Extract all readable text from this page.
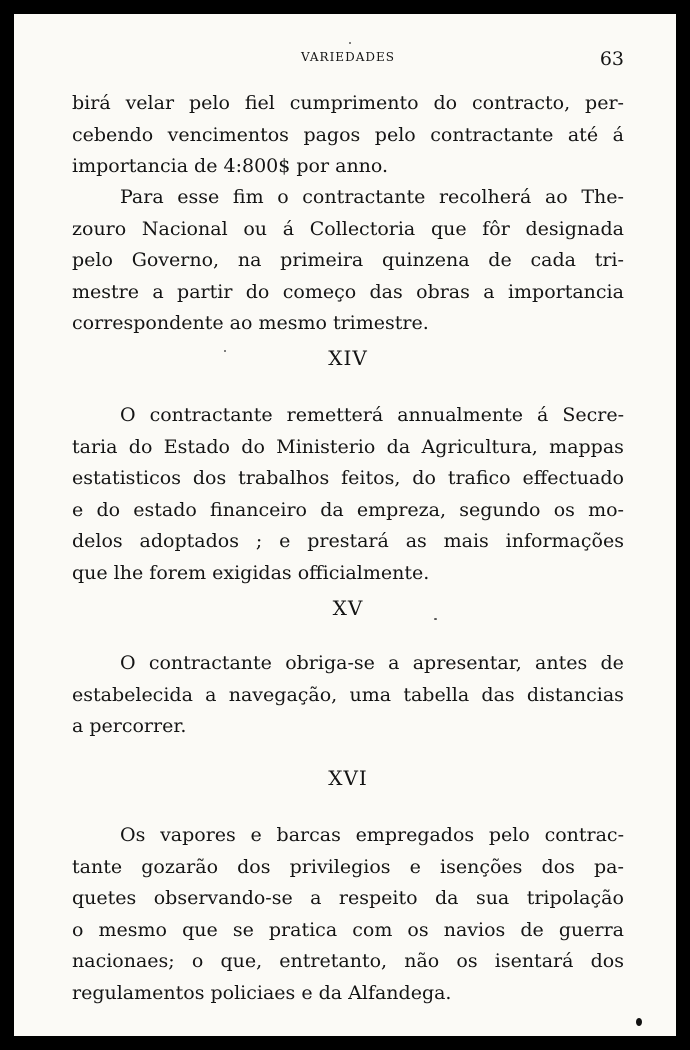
VARIEDADES	63
birá velar pelo fiel cumprimento do contracto, per-
cebendo vencimentos pagos pelo contractante até á
importancia de 4:800$ por anno.
Para esse fim o contractante recolherá ao The-
zouro Nacional ou á Collectoria que fôr designada
pelo Governo, na primeira quinzena de cada tri-
mestre a partir do começo das obras a importancia
correspondente ao mesmo trimestre.
XIV
O contractante remetterá annualmente á Secre-
taria do Estado do Ministerio da Agricultura, mappas
estatisticos dos trabalhos feitos, do trafico effectuado
e do estado financeiro da empreza, segundo os mo-
delos adoptados ; e prestará as mais informações
que lhe forem exigidas officialmente.
XV
O contractante obriga-se a apresentar, antes de
estabelecida a navegação, uma tabella das distancias
a percorrer.
XVI
Os vapores e barcas empregados pelo contrac-
tante gozarão dos privilegios e isenções dos pa-
quetes observando-se a respeito da sua tripolação
o mesmo que se pratica com os navios de guerra
nacionaes; o que, entretanto, não os isentará dos
regulamentos policiaes e da Alfandega.
